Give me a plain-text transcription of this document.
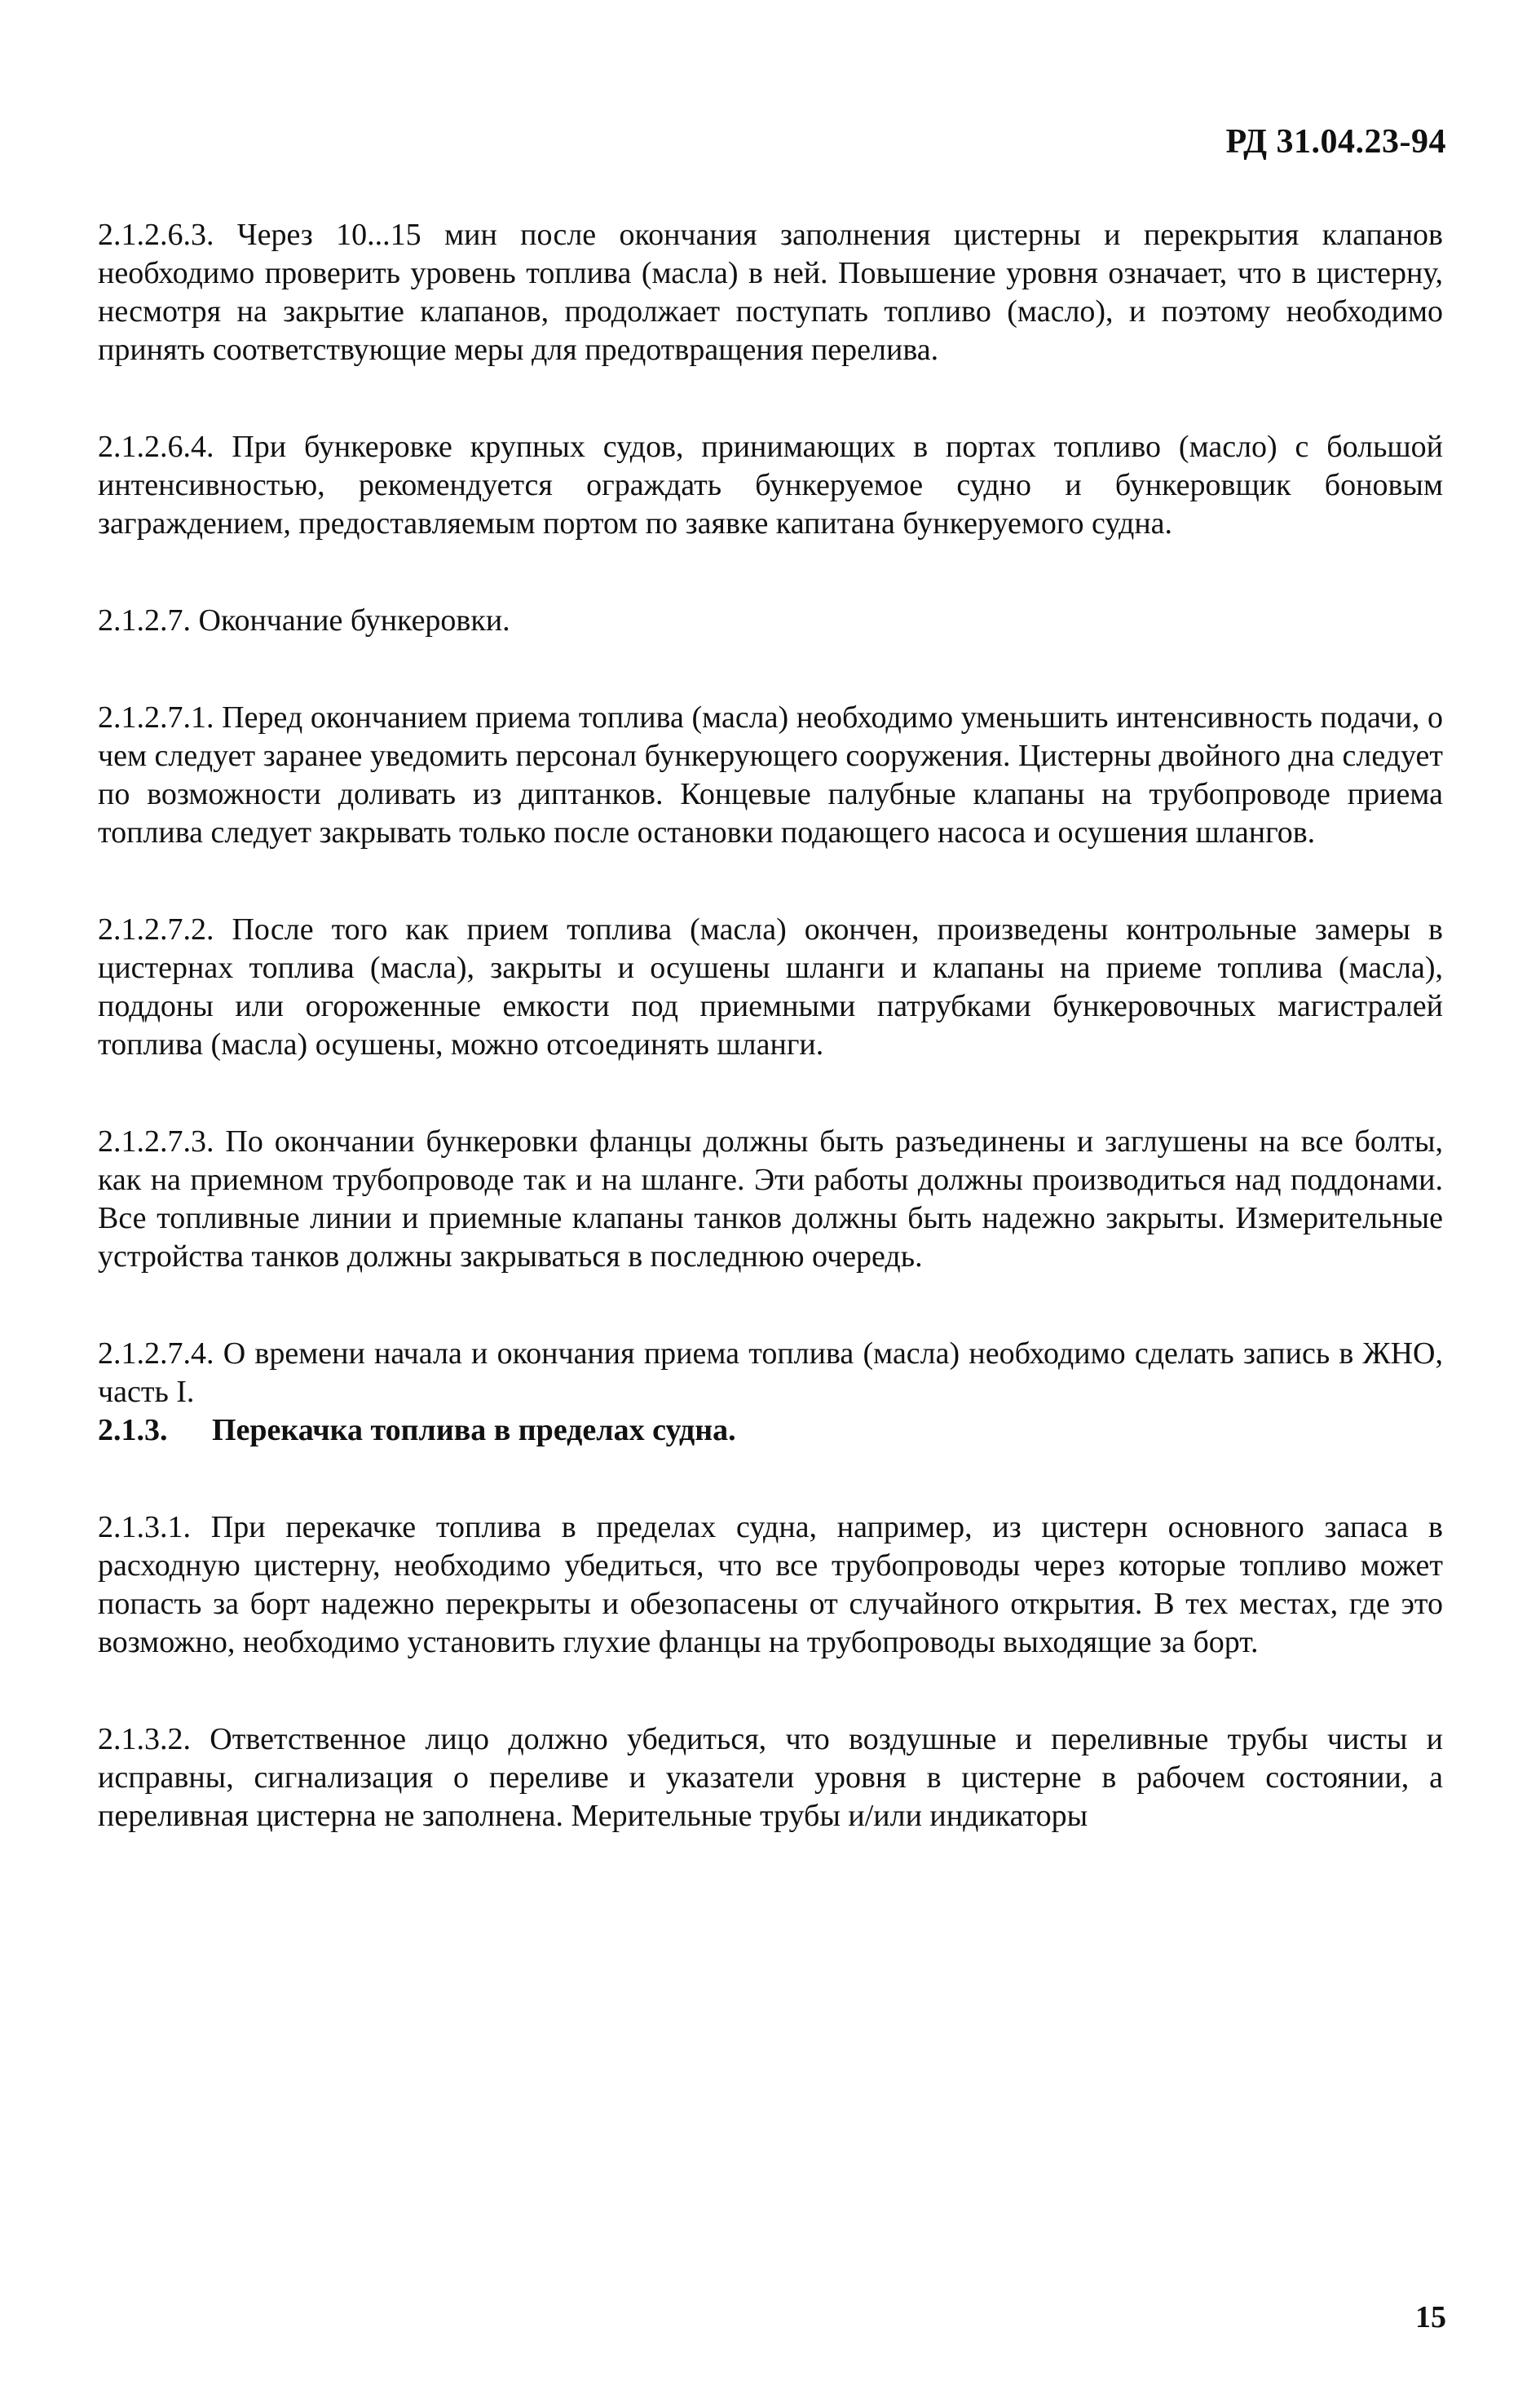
РД 31.04.23-94

2.1.2.6.3. Через 10...15 мин после окончания заполнения цистерны и перекрытия клапанов необходимо проверить уровень топлива (масла) в ней. Повышение уровня означает, что в цистерну, несмотря на закрытие клапанов, продолжает поступать топливо (масло), и поэтому необходимо принять соответствующие меры для предотвращения перелива.

2.1.2.6.4. При бункеровке крупных судов, принимающих в портах топливо (масло) с большой интенсивностью, рекомендуется ограждать бункеруемое судно и бункеровщик боновым заграждением, предоставляемым портом по заявке капитана бункеруемого судна.

2.1.2.7. Окончание бункеровки.

2.1.2.7.1. Перед окончанием приема топлива (масла) необходимо уменьшить интенсивность подачи, о чем следует заранее уведомить персонал бункерующего сооружения. Цистерны двойного дна следует по возможности доливать из диптанков. Концевые палубные клапаны на трубопроводе приема топлива следует закрывать только после остановки подающего насоса и осушения шлангов.

2.1.2.7.2. После того как прием топлива (масла) окончен, произведены контрольные замеры в цистернах топлива (масла), закрыты и осушены шланги и клапаны на приеме топлива (масла), поддоны или огороженные емкости под приемными патрубками бункеровочных магистралей топлива (масла) осушены, можно отсоединять шланги.

2.1.2.7.3. По окончании бункеровки фланцы должны быть разъединены и заглушены на все болты, как на приемном трубопроводе так и на шланге. Эти работы должны производиться над поддонами. Все топливные линии и приемные клапаны танков должны быть надежно закрыты. Измерительные устройства танков должны закрываться в последнюю очередь.

2.1.2.7.4. О времени начала и окончания приема топлива (масла) необходимо сделать запись в ЖНО, часть I.

2.1.3. Перекачка топлива в пределах судна.

2.1.3.1. При перекачке топлива в пределах судна, например, из цистерн основного запаса в расходную цистерну, необходимо убедиться, что все трубопроводы через которые топливо может попасть за борт надежно перекрыты и обезопасены от случайного открытия. В тех местах, где это возможно, необходимо установить глухие фланцы на трубопроводы выходящие за борт.

2.1.3.2. Ответственное лицо должно убедиться, что воздушные и переливные трубы чисты и исправны, сигнализация о переливе и указатели уровня в цистерне в рабочем состоянии, а переливная цистерна не заполнена. Мерительные трубы и/или индикаторы

15
